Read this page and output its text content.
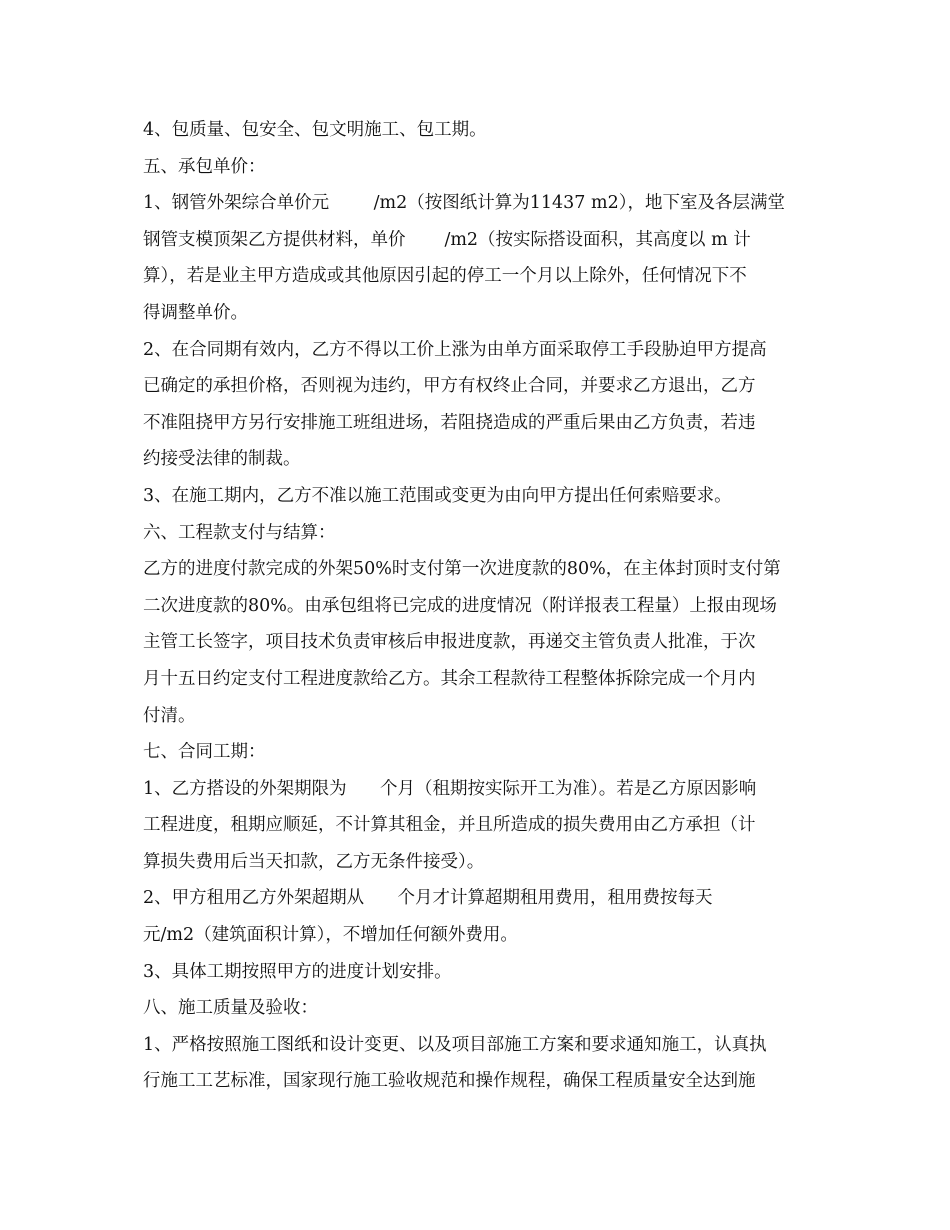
4、包质量、包安全、包文明施工、包工期。
五、承包单价：
1、钢管外架综合单价元        /m2（按图纸计算为11437 m2），地下室及各层满堂
钢管支模顶架乙方提供材料，单价       /m2（按实际搭设面积，其高度以 m 计
算），若是业主甲方造成或其他原因引起的停工一个月以上除外，任何情况下不
得调整单价。
2、在合同期有效内，乙方不得以工价上涨为由单方面采取停工手段胁迫甲方提高
已确定的承担价格，否则视为违约，甲方有权终止合同，并要求乙方退出，乙方
不准阻挠甲方另行安排施工班组进场，若阻挠造成的严重后果由乙方负责，若违
约接受法律的制裁。
3、在施工期内，乙方不准以施工范围或变更为由向甲方提出任何索赔要求。
六、工程款支付与结算：
乙方的进度付款完成的外架50%时支付第一次进度款的80%，在主体封顶时支付第
二次进度款的80%。由承包组将已完成的进度情况（附详报表工程量）上报由现场
主管工长签字，项目技术负责审核后申报进度款，再递交主管负责人批准，于次
月十五日约定支付工程进度款给乙方。其余工程款待工程整体拆除完成一个月内
付清。
七、合同工期：
1、乙方搭设的外架期限为      个月（租期按实际开工为准）。若是乙方原因影响
工程进度，租期应顺延，不计算其租金，并且所造成的损失费用由乙方承担（计
算损失费用后当天扣款，乙方无条件接受）。
2、甲方租用乙方外架超期从      个月才计算超期租用费用，租用费按每天
元/m2（建筑面积计算），不增加任何额外费用。
3、具体工期按照甲方的进度计划安排。
八、施工质量及验收：
1、严格按照施工图纸和设计变更、以及项目部施工方案和要求通知施工，认真执
行施工工艺标准，国家现行施工验收规范和操作规程，确保工程质量安全达到施
